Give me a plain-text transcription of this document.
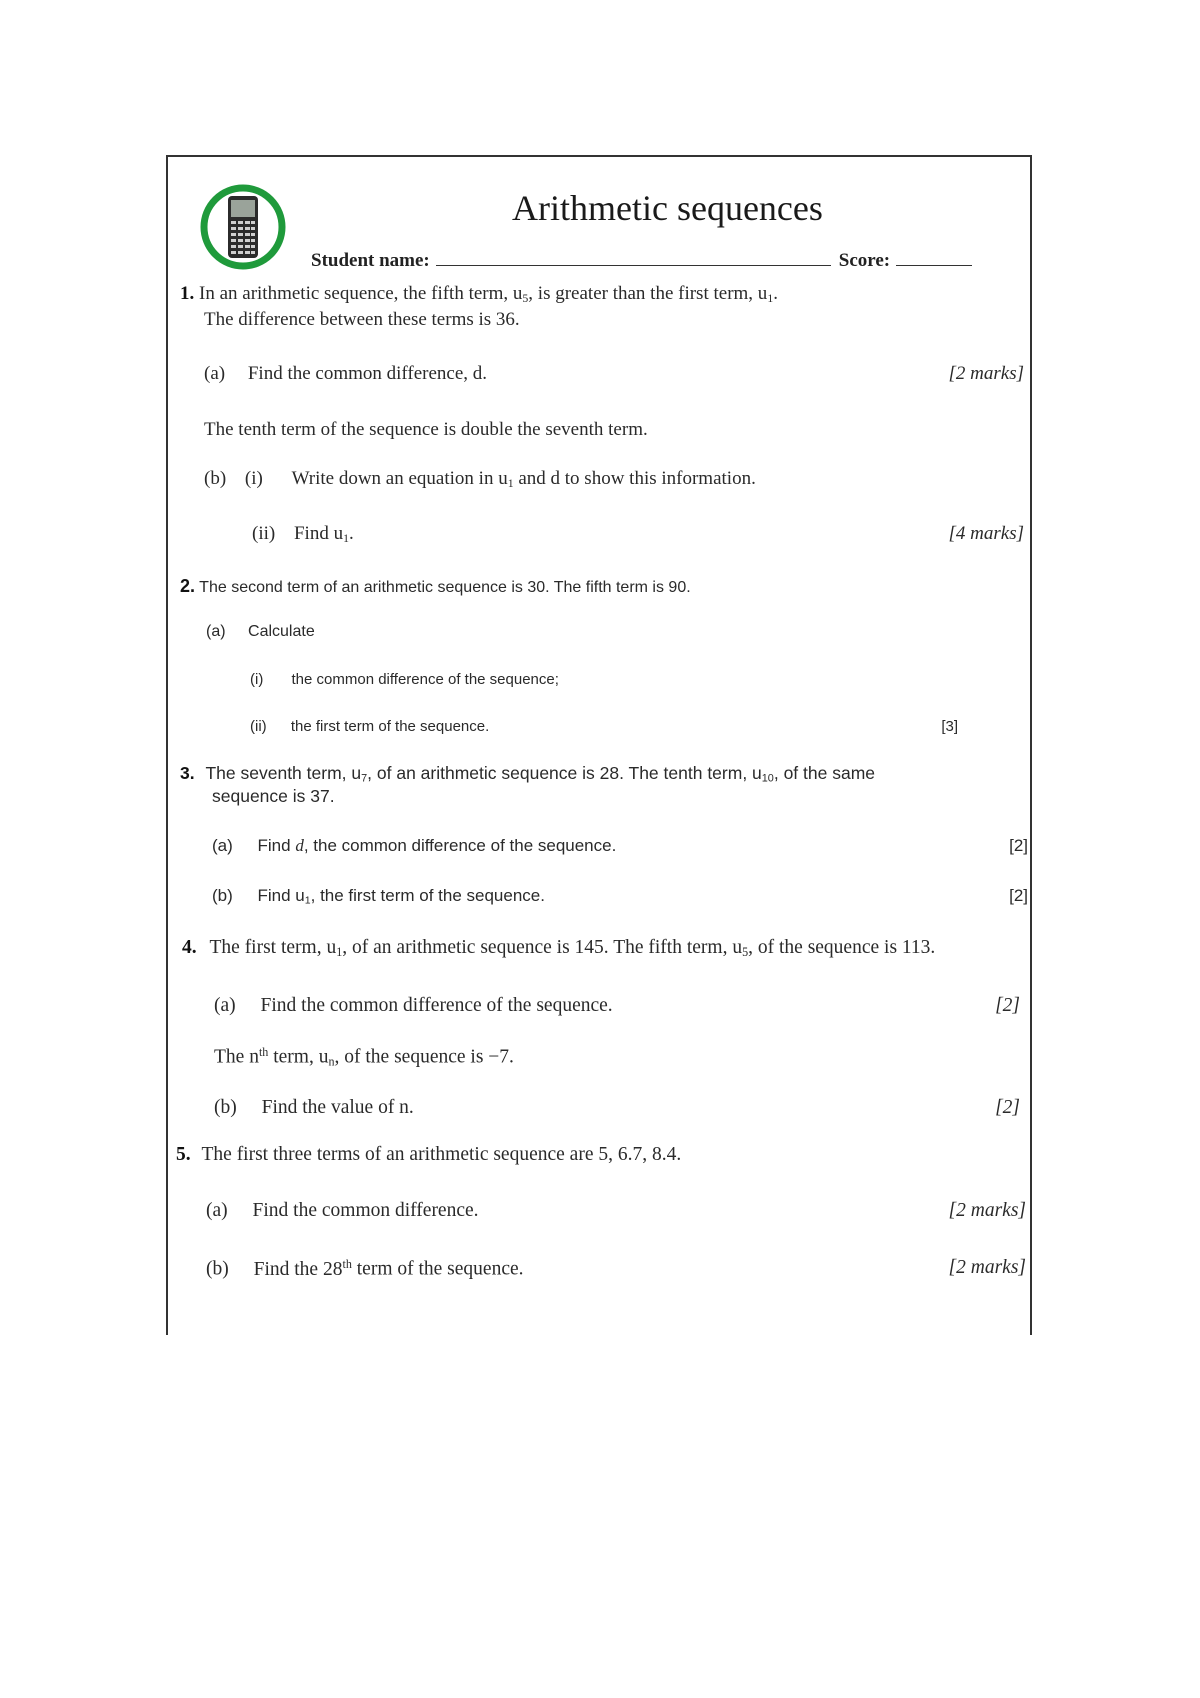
Arithmetic sequences
Student name:	Score:
1. In an arithmetic sequence, the fifth term, $u_5$, is greater than the first term, $u_1$.
The difference between these terms is 36.
(a) Find the common difference, d.	[2 marks]
The tenth term of the sequence is double the seventh term.
(b) (i) Write down an equation in $u_1$ and d to show this information.
(ii) Find $u_1$.	[4 marks]
2. The second term of an arithmetic sequence is 30. The fifth term is 90.
(a) Calculate
(i) the common difference of the sequence;
(ii) the first term of the sequence.	[3]
3. The seventh term, $u_7$, of an arithmetic sequence is 28. The tenth term, $u_{10}$, of the same
sequence is 37.
(a) Find d, the common difference of the sequence.	[2]
(b) Find $u_1$, the first term of the sequence.	[2]
4. The first term, $u_1$, of an arithmetic sequence is 145. The fifth term, $u_5$, of the sequence is 113.
(a) Find the common difference of the sequence.	[2]
The $n^{th}$ term, $u_n$, of the sequence is −7.
(b) Find the value of n.	[2]
5. The first three terms of an arithmetic sequence are 5, 6.7, 8.4.
(a) Find the common difference.	[2 marks]
(b) Find the 28th term of the sequence.	[2 marks]
